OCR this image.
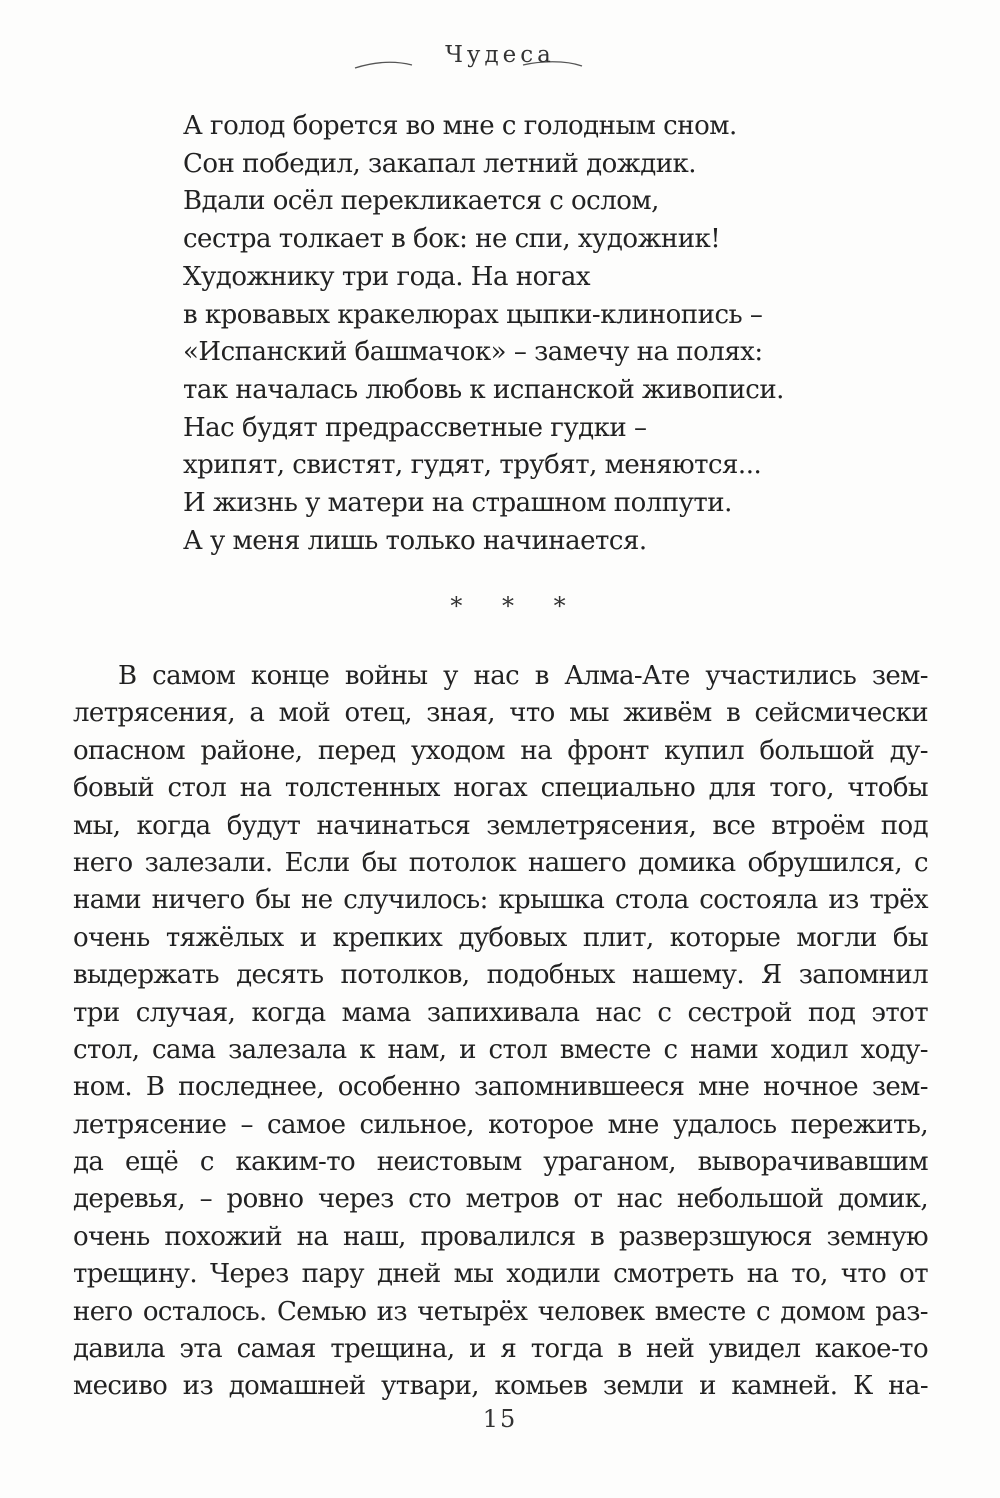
Чудеса
А голод борется во мне с голодным сном.
Сон победил, закапал летний дождик.
Вдали осёл перекликается с ослом,
сестра толкает в бок: не спи, художник!
Художнику три года. На ногах
в кровавых кракелюрах цыпки-клинопись –
«Испанский башмачок» – замечу на полях:
так началась любовь к испанской живописи.
Нас будят предрассветные гудки –
хрипят, свистят, гудят, трубят, меняются...
И жизнь у матери на страшном полпути.
А у меня лишь только начинается.
* * *
В самом конце войны у нас в Алма-Ате участились зем-
летрясения, а мой отец, зная, что мы живём в сейсмически
опасном районе, перед уходом на фронт купил большой ду-
бовый стол на толстенных ногах специально для того, чтобы
мы, когда будут начинаться землетрясения, все втроём под
него залезали. Если бы потолок нашего домика обрушился, с
нами ничего бы не случилось: крышка стола состояла из трёх
очень тяжёлых и крепких дубовых плит, которые могли бы
выдержать десять потолков, подобных нашему. Я запомнил
три случая, когда мама запихивала нас с сестрой под этот
стол, сама залезала к нам, и стол вместе с нами ходил ходу-
ном. В последнее, особенно запомнившееся мне ночное зем-
летрясение – самое сильное, которое мне удалось пережить,
да ещё с каким-то неистовым ураганом, выворачивавшим
деревья, – ровно через сто метров от нас небольшой домик,
очень похожий на наш, провалился в разверзшуюся земную
трещину. Через пару дней мы ходили смотреть на то, что от
него осталось. Семью из четырёх человек вместе с домом раз-
давила эта самая трещина, и я тогда в ней увидел какое-то
месиво из домашней утвари, комьев земли и камней. К на-
15
